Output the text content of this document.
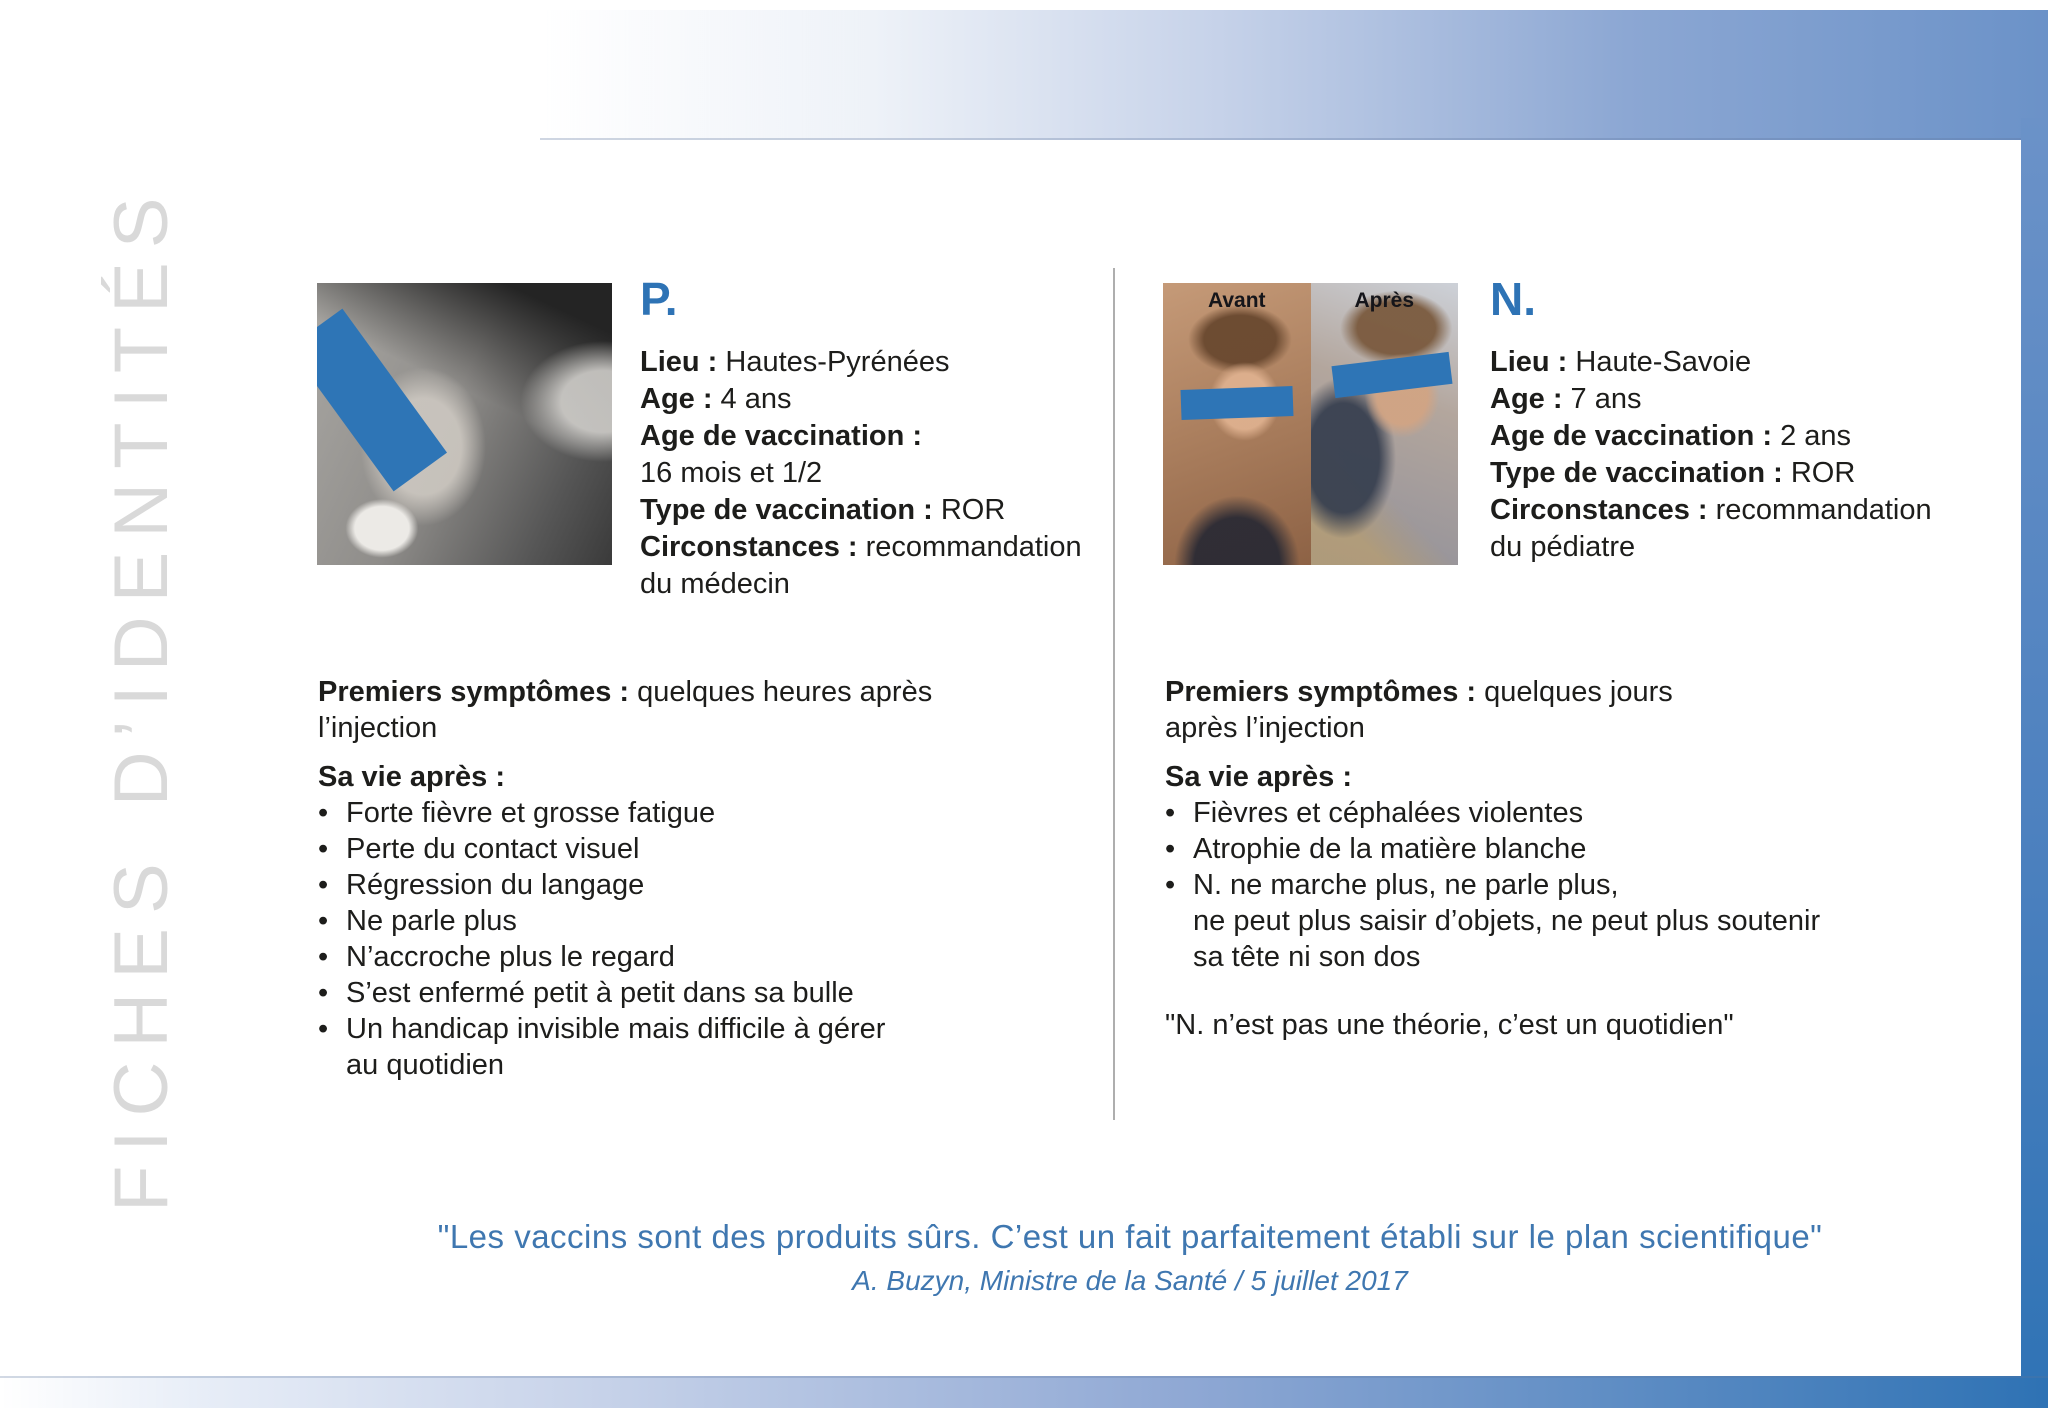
FICHES D’IDENTITÉS	Avant	Après
P.	N.
Lieu : Hautes-Pyrénées
Age : 4 ans
Age de vaccination :
16 mois et 1/2
Type de vaccination : ROR
Circonstances : recommandation
du médecin
Lieu : Haute-Savoie
Age : 7 ans
Age de vaccination : 2 ans
Type de vaccination : ROR
Circonstances : recommandation
du pédiatre
Premiers symptômes : quelques heures après
l’injection
Sa vie après :
• Forte fièvre et grosse fatigue
• Perte du contact visuel
• Régression du langage
• Ne parle plus
• N’accroche plus le regard
• S’est enfermé petit à petit dans sa bulle
• Un handicap invisible mais difficile à gérer
au quotidien
Premiers symptômes : quelques jours
après l’injection
Sa vie après :
• Fièvres et céphalées violentes
• Atrophie de la matière blanche
• N. ne marche plus, ne parle plus,
ne peut plus saisir d’objets, ne peut plus soutenir
sa tête ni son dos
"N. n’est pas une théorie, c’est un quotidien"
"Les vaccins sont des produits sûrs. C’est un fait parfaitement établi sur le plan scientifique"
A. Buzyn, Ministre de la Santé / 5 juillet 2017
